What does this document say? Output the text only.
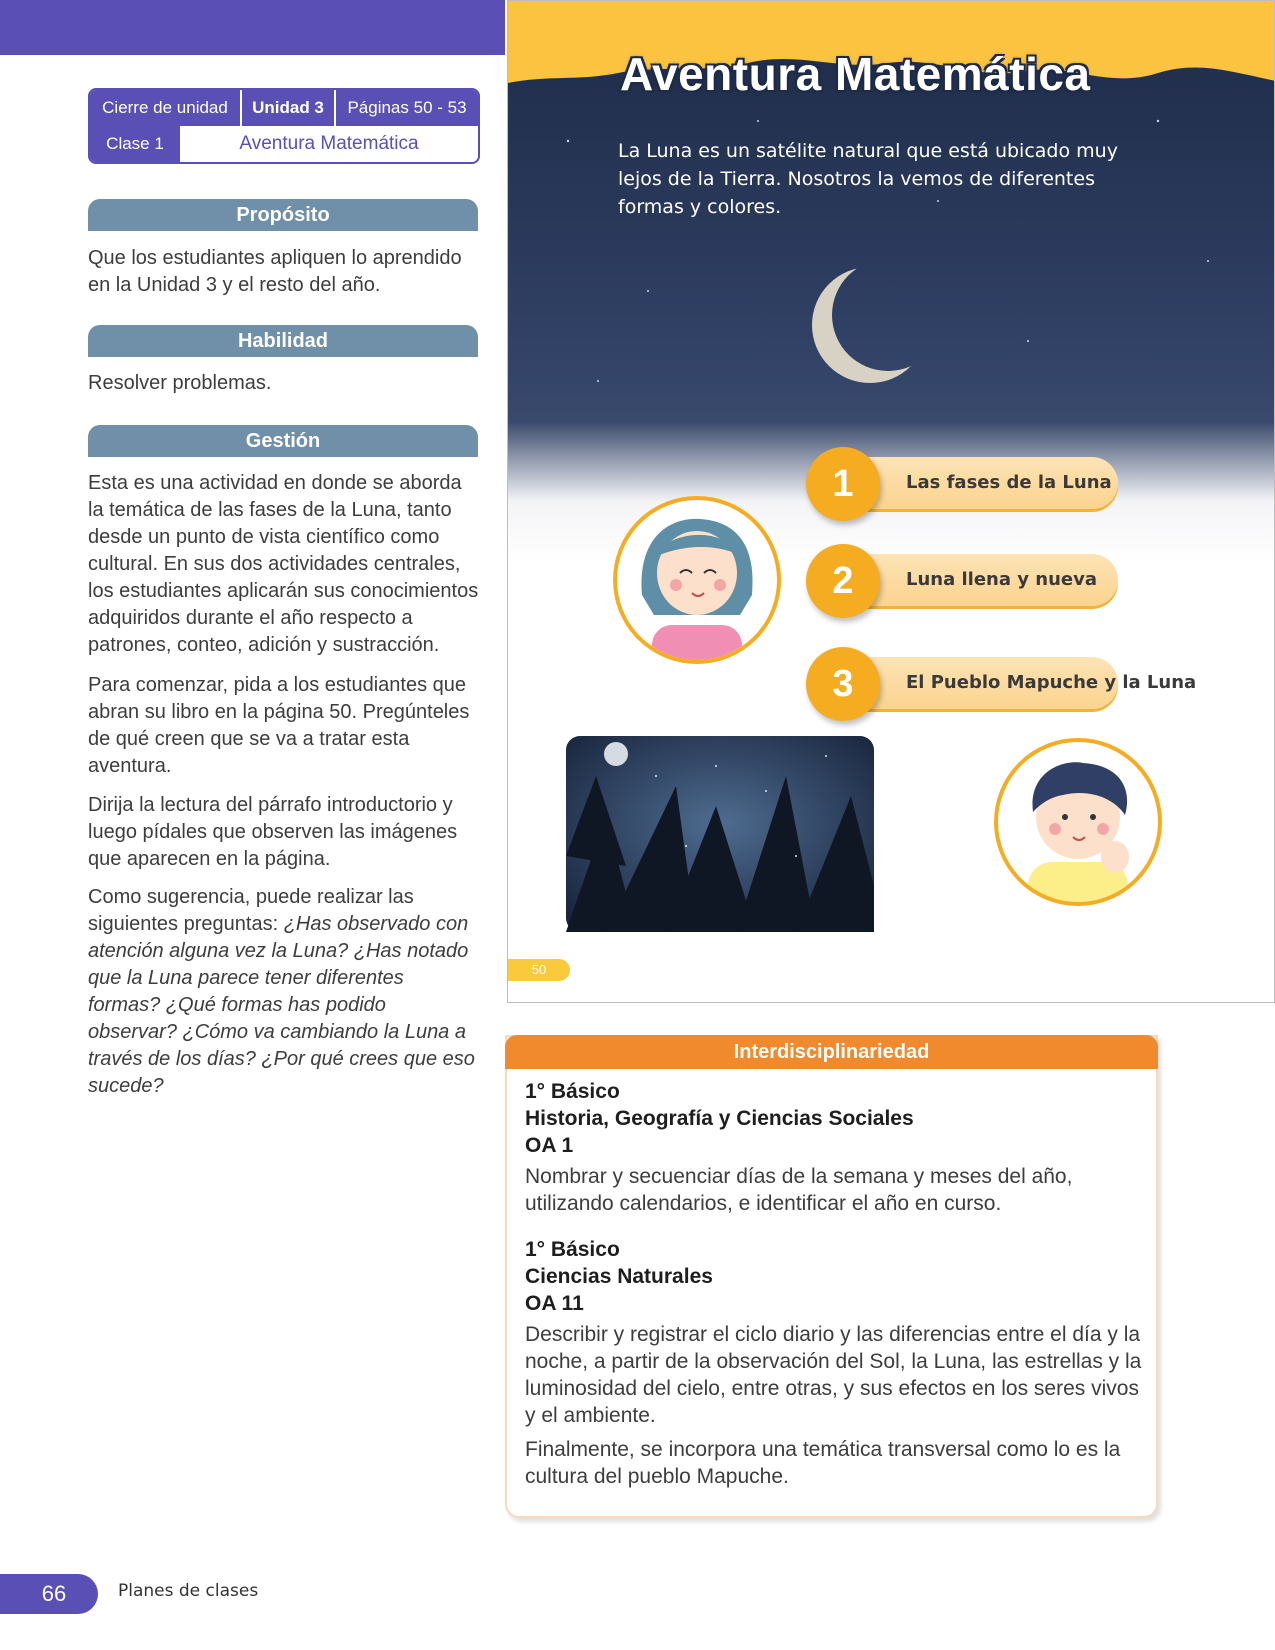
Cierre de unidad	Unidad 3	Páginas 50 - 53
Clase 1	Aventura Matemática
Propósito

Que los estudiantes apliquen lo aprendido en la Unidad 3 y el resto del año.

Habilidad

Resolver problemas.

Gestión

Esta es una actividad en donde se aborda la temática de las fases de la Luna, tanto desde un punto de vista científico como cultural. En sus dos actividades centrales, los estudiantes aplicarán sus conocimientos adquiridos durante el año respecto a patrones, conteo, adición y sustracción.

Para comenzar, pida a los estudiantes que abran su libro en la página 50. Pregúnteles de qué creen que se va a tratar esta aventura.

Dirija la lectura del párrafo introductorio y luego pídales que observen las imágenes que aparecen en la página.

Como sugerencia, puede realizar las siguientes preguntas: ¿Has observado con atención alguna vez la Luna? ¿Has notado que la Luna parece tener diferentes formas? ¿Qué formas has podido observar? ¿Cómo va cambiando la Luna a través de los días? ¿Por qué crees que eso sucede?

Aventura Matemática

La Luna es un satélite natural que está ubicado muy lejos de la Tierra. Nosotros la vemos de diferentes formas y colores.

Las fases de la Luna
1
Luna llena y nueva
2
El Pueblo Mapuche y la Luna
3
50
Interdisciplinariedad

1° Básico

Historia, Geografía y Ciencias Sociales

OA 1

Nombrar y secuenciar días de la semana y meses del año, utilizando calendarios, e identificar el año en curso.

1° Básico

Ciencias Naturales

OA 11

Describir y registrar el ciclo diario y las diferencias entre el día y la noche, a partir de la observación del Sol, la Luna, las estrellas y la luminosidad del cielo, entre otras, y sus efectos en los seres vivos y el ambiente.

Finalmente, se incorpora una temática transversal como lo es la cultura del pueblo Mapuche.

66	Planes de clases
